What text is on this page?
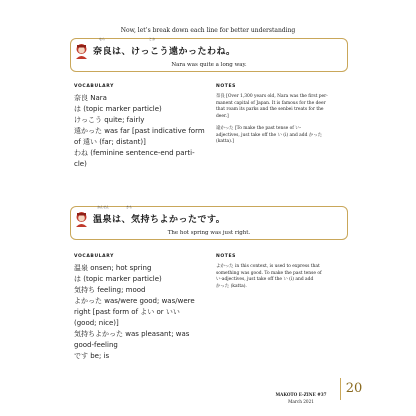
Now, let’s break down each line for better understanding
なら	とお
奈良は、けっこう遠かったわね。
Nara was quite a long way.
VOCABULARY	NOTES
奈良 Nara
は (topic marker particle)
けっこう quite; fairly
遠かった was far [past indicative form
of 遠い (far; distant)]
わね (feminine sentence-end parti-
cle)
奈良 [Over 1,300 years old, Nara was the first per-
manent capital of Japan. It is famous for the deer
that roam its parks and the senbei treats for the
deer.]
遠かった [To make the past tense of い-
adjectives, just take off the い (i) and add かった
(katta).]
おんせん	きも
温泉は、気持ちよかったです。
The hot spring was just right.
VOCABULARY	NOTES
温泉 onsen; hot spring
は (topic marker particle)
気持ち feeling; mood
よかった was/were good; was/were
right [past form of よい or いい
(good; nice)]
気持ちよかった was pleasant; was
good-feeling
です be; is
よかった in this context, is used to express that
something was good. To make the past tense of
い-adjectives, just take off the い (i) and add
かった (katta).
MAKOTO E-ZINE #37
March 2021
20
